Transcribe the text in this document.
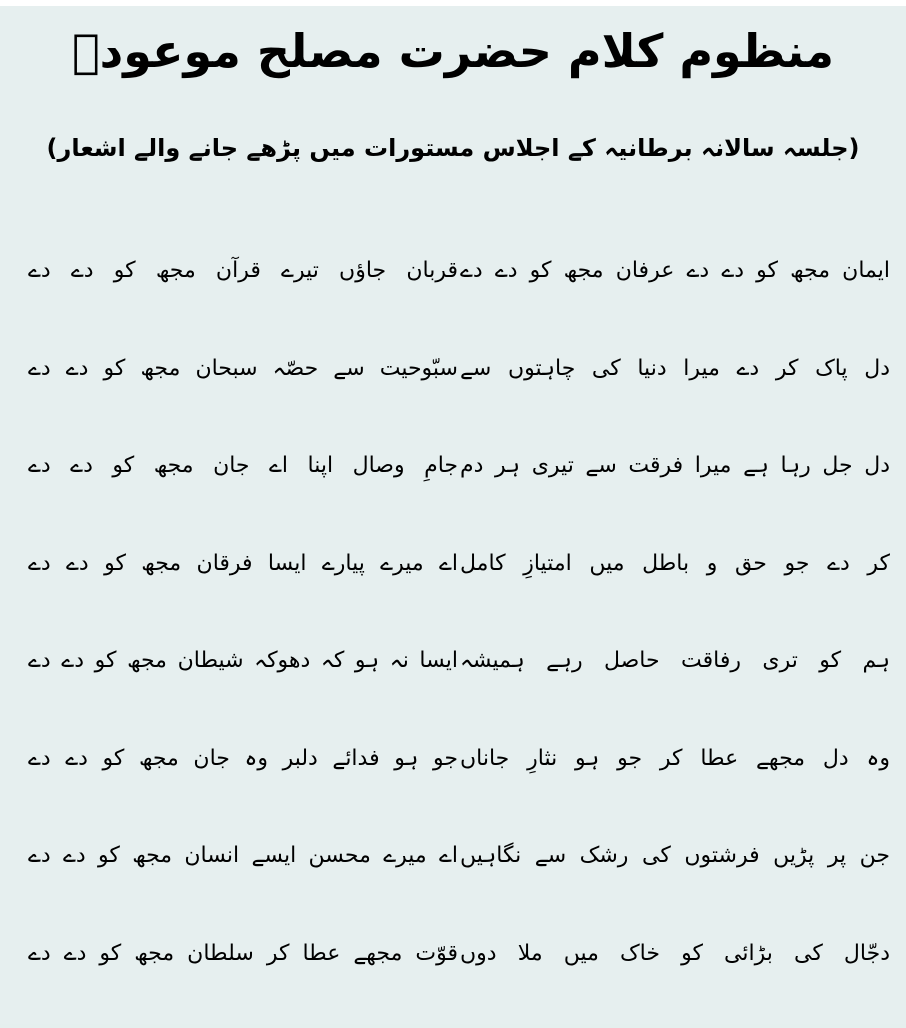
منظوم کلام حضرت مصلح موعودؓ
(جلسہ سالانہ برطانیہ کے اجلاس مستورات میں پڑھے جانے والے اشعار)
ایمان مجھ کو دے دے عرفان مجھ کو دے دے
قربان جاؤں تیرے قرآن مجھ کو دے دے
دل پاک کر دے میرا دنیا کی چاہتوں سے
سبّوحیت سے حصّہ سبحان مجھ کو دے دے
دل جل رہا ہے میرا فرقت سے تیری ہر دم
جامِ وصال اپنا اے جان مجھ کو دے دے
کر دے جو حق و باطل میں امتیازِ کامل
اے میرے پیارے ایسا فرقان مجھ کو دے دے
ہم کو تری رفاقت حاصل رہے ہمیشہ
ایسا نہ ہو کہ دھوکہ شیطان مجھ کو دے دے
وہ دل مجھے عطا کر جو ہو نثارِ جاناں
جو ہو فدائے دلبر وہ جان مجھ کو دے دے
جن پر پڑیں فرشتوں کی رشک سے نگاہیں
اے میرے محسن ایسے انسان مجھ کو دے دے
دجّال کی بڑائی کو خاک میں ملا دوں
قوّت مجھے عطا کر سلطان مجھ کو دے دے
